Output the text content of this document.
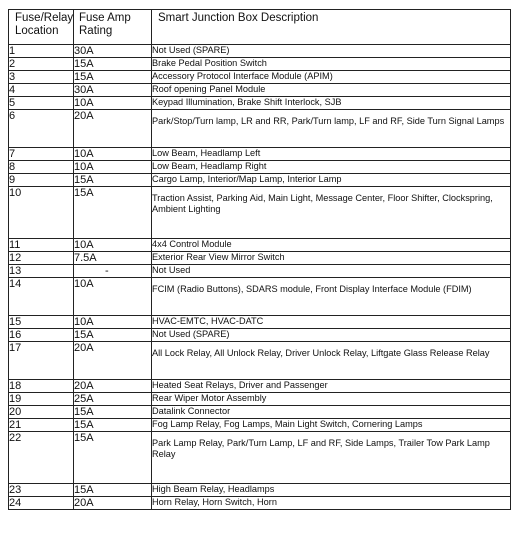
Fuse/Relay Location	Fuse Amp Rating	Smart Junction Box Description

1	30A	Not Used (SPARE)
2	15A	Brake Pedal Position Switch
3	15A	Accessory Protocol Interface Module (APIM)
4	30A	Roof opening Panel Module
5	10A	Keypad Illumination, Brake Shift Interlock, SJB
6	20A	Park/Stop/Turn lamp, LR and RR, Park/Turn lamp, LF and RF, Side Turn Signal Lamps
7	10A	Low Beam, Headlamp Left
8	10A	Low Beam, Headlamp Right
9	15A	Cargo Lamp, Interior/Map Lamp, Interior Lamp
10	15A	Traction Assist, Parking Aid, Main Light, Message Center, Floor Shifter, Clockspring, Ambient Lighting
11	10A	4x4 Control Module
12	7.5A	Exterior Rear View Mirror Switch
13	-	Not Used
14	10A	FCIM (Radio Buttons), SDARS module, Front Display Interface Module (FDIM)
15	10A	HVAC-EMTC, HVAC-DATC
16	15A	Not Used (SPARE)
17	20A	All Lock Relay, All Unlock Relay, Driver Unlock Relay, Liftgate Glass Release Relay
18	20A	Heated Seat Relays, Driver and Passenger
19	25A	Rear Wiper Motor Assembly
20	15A	Datalink Connector
21	15A	Fog Lamp Relay, Fog Lamps, Main Light Switch, Cornering Lamps
22	15A	Park Lamp Relay, Park/Turn Lamp, LF and RF, Side Lamps, Trailer Tow Park Lamp Relay
23	15A	High Beam Relay, Headlamps
24	20A	Horn Relay, Horn Switch, Horn
